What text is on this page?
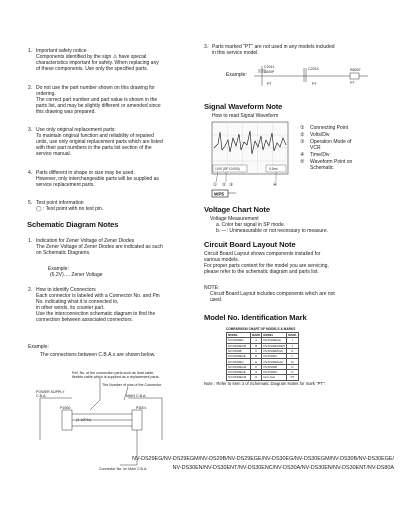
1. Important safety notice
Components identified by the sign ⚠ have special
characteristics important for safety. When replacing any
of these components. Use only the specified parts.
2. Do not use the part number shown on this drawing for
ordering.
The correct part number and part value is shown in the
parts list, and may be slightly different or amended since
this drawing was prepared.
3. Use only original replacement parts:
To maintain original function and reliability of repaired
units, use only original replacement parts which are listed
with their part numbers in the parts list section of the
service manual.
4. Parts different in shape or size may be used.
However, only interchangeable parts will be supplied as
service replacement parts.
5. Test point information
◯ : Test point with no test pin.
Schematic Diagram Notes
1. Indication for Zener Voltage of Zener Diodes
The Zener Voltage of Zener Diodes are indicated as such
on Schematic Diagrams.
Example:
(6.2V)…. Zener Voltage
2. How to identify Connectors
Each connector is labeled with a Connector No. and Pin
No. indicating what it is connected to,
in other words, its counter part.
Use the interconnection schematic diagram to find the
connection between associated connectors.
Example:
The connections between C.B.A.s are shown below.
Ref. No. of the connection parts such as lead cable,
flexible cable which is supplied as a replacement parts.
The Number of pins of the Connector.
POWER SUPPLY
C.B.A.	MAIN C.B.A.
P1500	P3001
(3-10Pin)
Connector No. on Main C.B.A.
3. Parts marked "PT" are not used in any models included
in this service model.
Example:
C2011
1000P
PT
C2014
PT
R6097
PT
Signal Waveform Note
How to read Signal Waveform
1V/S (SP 10.000)	0.2ms
① ② ③	④
WP5
① Connecting Point
② Volts/Div
③ Operation Mode of
VCR
④ Time/Div
⑤ Waveform Point on
Schematic
Voltage Chart Note
Voltage Measurement
a. Color bar signal in SP mode.
b. —: Unmeasurable or not necessary to measure.
Circuit Board Layout Note
Circuit Board Layout shows components installed for
various models.
For proper parts content for the model you are servicing,
please refer to the schematic diagram and parts list.
NOTE:
Circuit Board Layout includes components which are not
used.
Model No. Identification Mark
COMPARISON CHART OF MODELS & MARKS
MODEL	MARK	MODEL	MARK
NV-DS29EG	A	NV-DS30E(H)	I
NV-DS29EGM	B	NV-DS30EGM(P)	J
NV-DS29B	C	NV-DS30EN(H)	K
NV-DS29EGE	D	NV-DS30A	L
NV-DS30EG	E	NV-DS30EN(H)	M
NV-DS30EGM	F	NV-DS30B	N
NV-DS30EGE	G	NV-DS30A	O
NV-DS30EGM	H	Not Used	PT
Note : Refer to Item 3 of Schematic Diagram Notes for mark "PT".
NV-DS29EG/NV-DS29EGM/NV-DS29B/NV-DS29EGE/NV-DS30EG/NV-DS30EGM/NV-DS30B/NV-DS30EGE/
NV-DS30EN/NV-DS30ENT/NV-DS30ENC/NV-DS30A/NV-DS30EN/NV-DS30ENT/NV-DS80A
